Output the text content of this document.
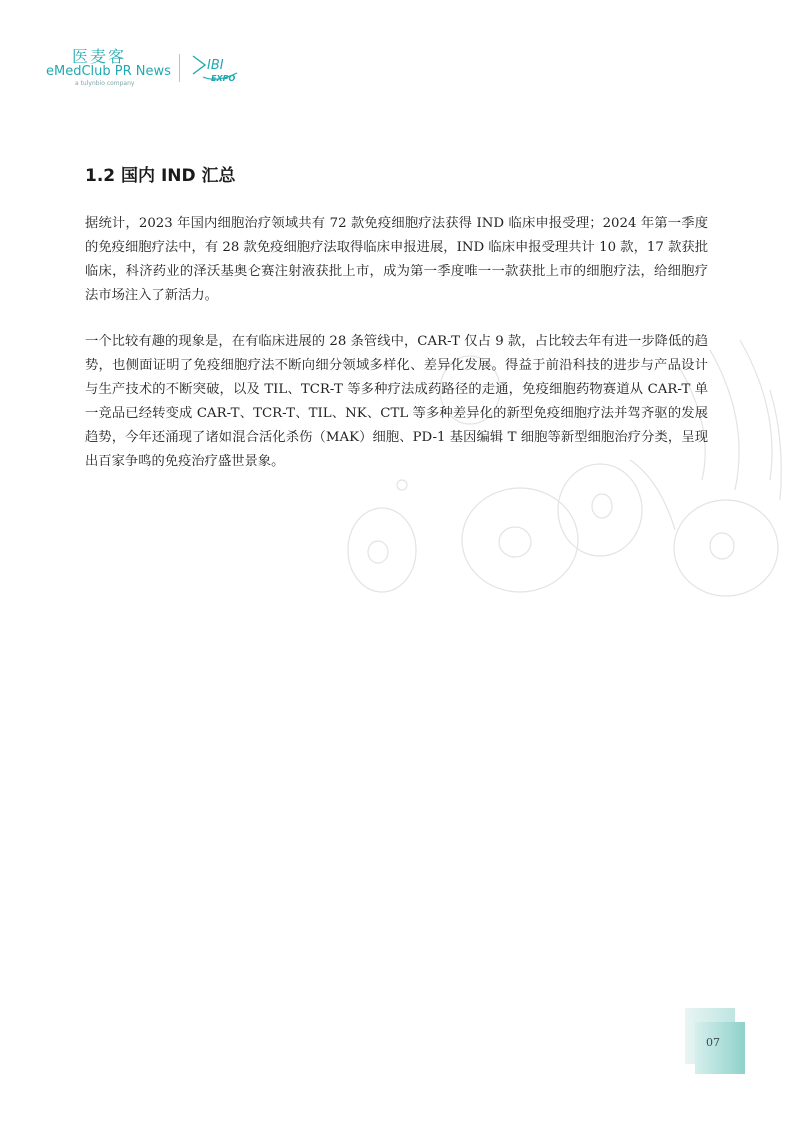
医麦客
eMedClub PR News
a tulynbio company
IBI
EXPO
1.2 国内 IND 汇总

据统计，2023 年国内细胞治疗领域共有 72 款免疫细胞疗法获得 IND 临床申报受理；2024 年第一季度的免疫细胞疗法中，有 28 款免疫细胞疗法取得临床申报进展，IND 临床申报受理共计 10 款，17 款获批临床，科济药业的泽沃基奥仑赛注射液获批上市，成为第一季度唯一一款获批上市的细胞疗法，给细胞疗法市场注入了新活力。

一个比较有趣的现象是，在有临床进展的 28 条管线中，CAR-T 仅占 9 款，占比较去年有进一步降低的趋势，也侧面证明了免疫细胞疗法不断向细分领域多样化、差异化发展。得益于前沿科技的进步与产品设计与生产技术的不断突破，以及 TIL、TCR-T 等多种疗法成药路径的走通，免疫细胞药物赛道从 CAR-T 单一竞品已经转变成 CAR-T、TCR-T、TIL、NK、CTL 等多种差异化的新型免疫细胞疗法并驾齐驱的发展趋势，今年还涌现了诸如混合活化杀伤（MAK）细胞、PD-1 基因编辑 T 细胞等新型细胞治疗分类，呈现出百家争鸣的免疫治疗盛世景象。

07
